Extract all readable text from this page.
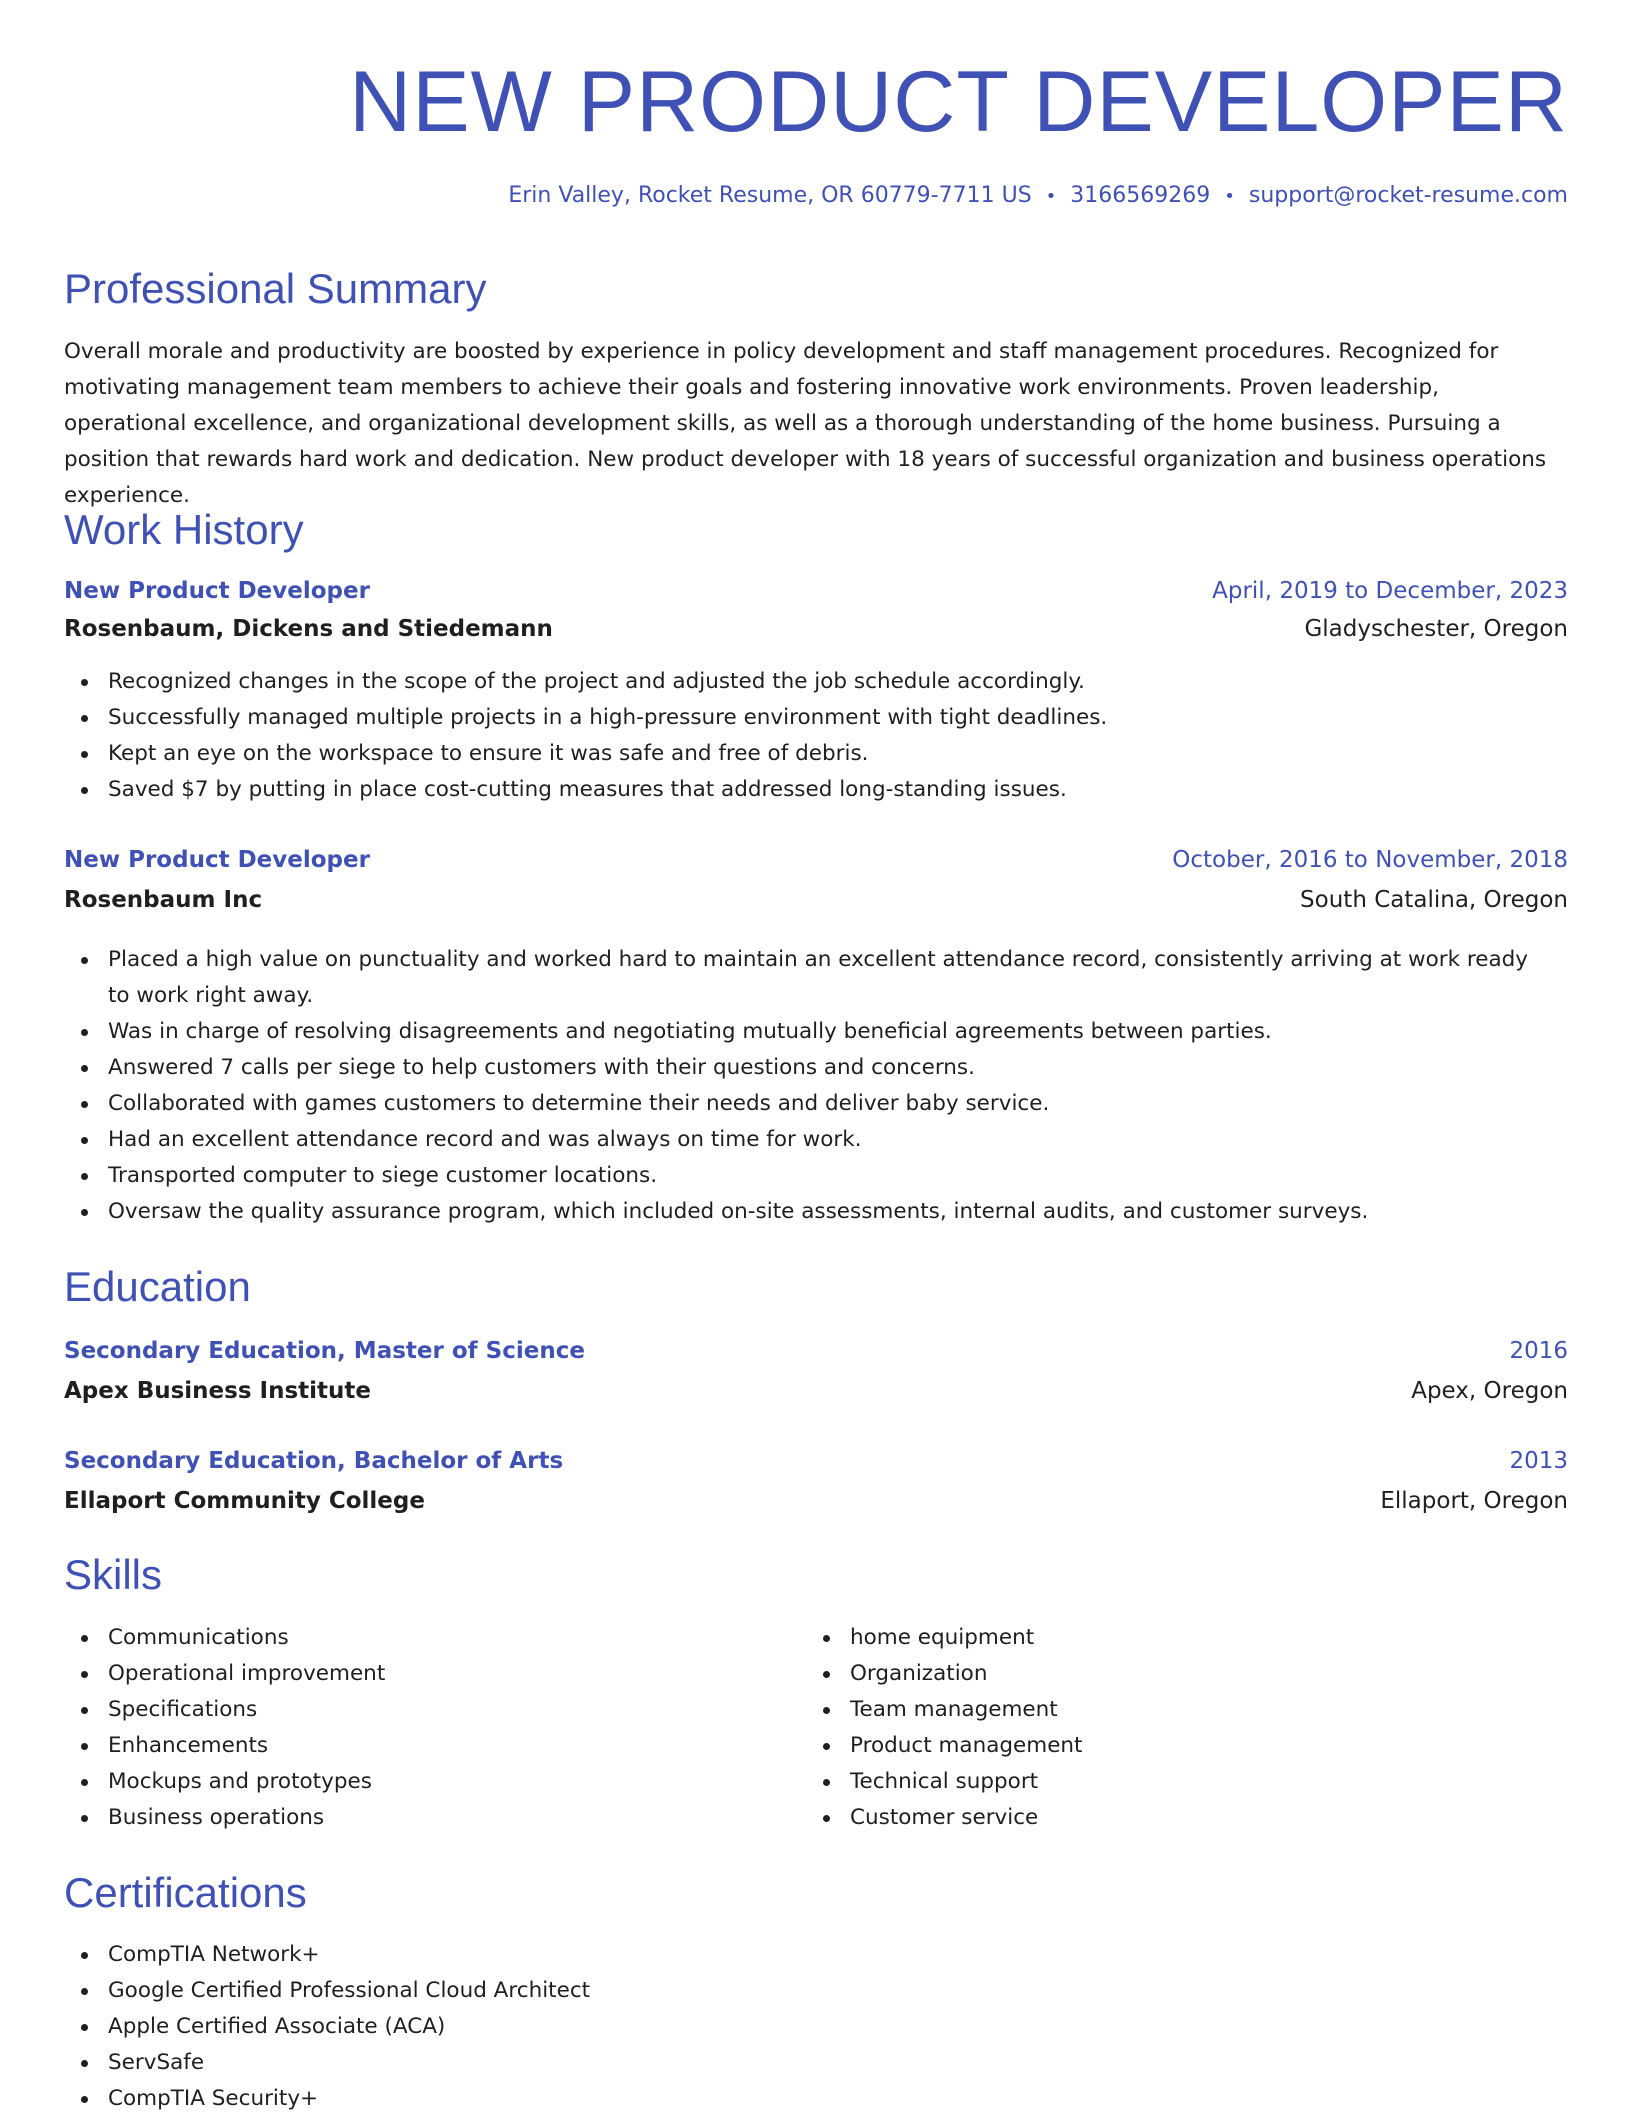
NEW PRODUCT DEVELOPER
Erin Valley, Rocket Resume, OR 60779-7711 US • 3166569269 • support@rocket-resume.com
Professional Summary

Overall morale and productivity are boosted by experience in policy development and staff management procedures. Recognized for motivating management team members to achieve their goals and fostering innovative work environments. Proven leadership, operational excellence, and organizational development skills, as well as a thorough understanding of the home business. Pursuing a position that rewards hard work and dedication. New product developer with 18 years of successful organization and business operations experience.

Work History
New Product Developer	April, 2019 to December, 2023
Rosenbaum, Dickens and Stiedemann	Gladyschester, Oregon
Recognized changes in the scope of the project and adjusted the job schedule accordingly.
Successfully managed multiple projects in a high-pressure environment with tight deadlines.
Kept an eye on the workspace to ensure it was safe and free of debris.
Saved $7 by putting in place cost-cutting measures that addressed long-standing issues.
New Product Developer	October, 2016 to November, 2018
Rosenbaum Inc	South Catalina, Oregon
Placed a high value on punctuality and worked hard to maintain an excellent attendance record, consistently arriving at work ready to work right away.
Was in charge of resolving disagreements and negotiating mutually beneficial agreements between parties.
Answered 7 calls per siege to help customers with their questions and concerns.
Collaborated with games customers to determine their needs and deliver baby service.
Had an excellent attendance record and was always on time for work.
Transported computer to siege customer locations.
Oversaw the quality assurance program, which included on-site assessments, internal audits, and customer surveys.
Education
Secondary Education, Master of Science	2016
Apex Business Institute	Apex, Oregon
Secondary Education, Bachelor of Arts	2013
Ellaport Community College	Ellaport, Oregon
Skills
Communications
Operational improvement
Specifications
Enhancements
Mockups and prototypes
Business operations
home equipment
Organization
Team management
Product management
Technical support
Customer service
Certifications
CompTIA Network+
Google Certified Professional Cloud Architect
Apple Certified Associate (ACA)
ServSafe
CompTIA Security+
